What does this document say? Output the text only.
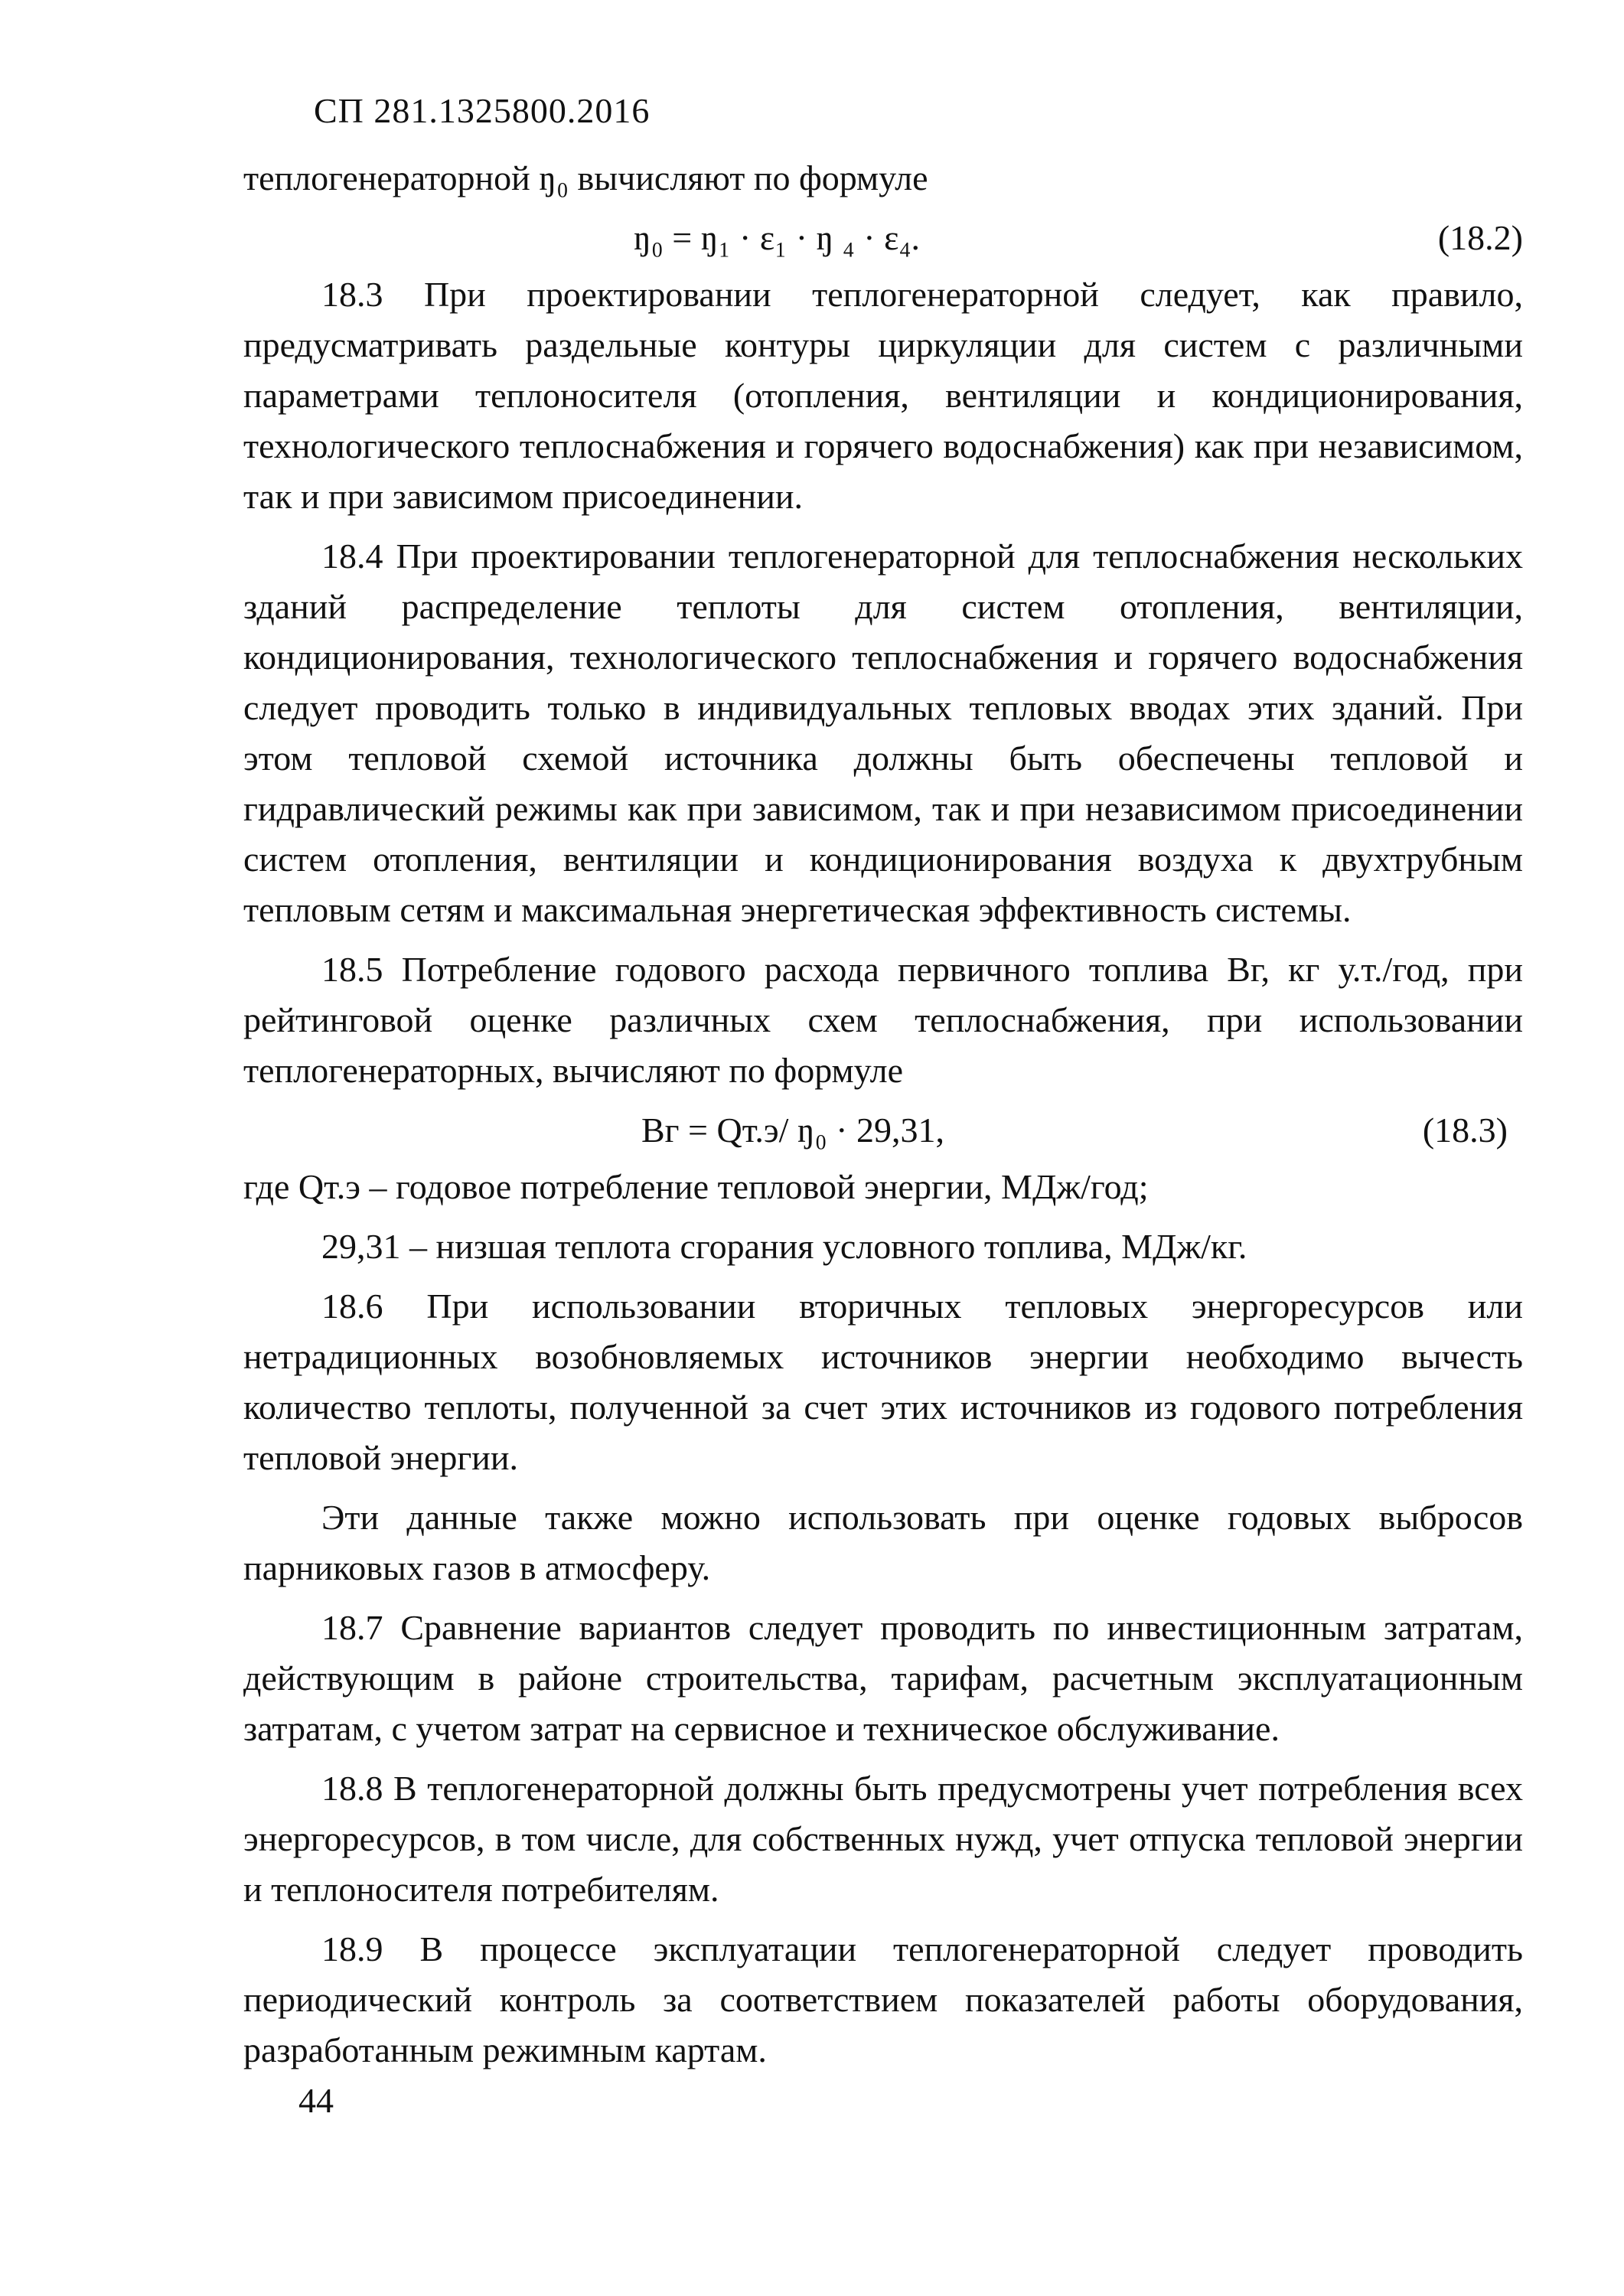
СП 281.1325800.2016

теплогенераторной ŋ₀ вычисляют по формуле

ŋ₀ = ŋ₁ · ε₁ · ŋ ₄ · ε₄.	(18.2)

18.3 При проектировании теплогенераторной следует, как правило, предусматривать раздельные контуры циркуляции для систем с различными параметрами теплоносителя (отопления, вентиляции и кондиционирования, технологического теплоснабжения и горячего водоснабжения) как при независимом, так и при зависимом присоединении.

18.4 При проектировании теплогенераторной для теплоснабжения нескольких зданий распределение теплоты для систем отопления, вентиляции, кондиционирования, технологического теплоснабжения и горячего водоснабжения следует проводить только в индивидуальных тепловых вводах этих зданий. При этом тепловой схемой источника должны быть обеспечены тепловой и гидравлический режимы как при зависимом, так и при независимом присоединении систем отопления, вентиляции и кондиционирования воздуха к двухтрубным тепловым сетям и максимальная энергетическая эффективность системы.

18.5 Потребление годового расхода первичного топлива Bг, кг у.т./год, при рейтинговой оценке различных схем теплоснабжения, при использовании теплогенераторных, вычисляют по формуле

Bг = Qт.э/ ŋ₀ · 29,31,	(18.3)

где Qт.э – годовое потребление тепловой энергии, МДж/год;

29,31 – низшая теплота сгорания условного топлива, МДж/кг.

18.6 При использовании вторичных тепловых энергоресурсов или нетрадиционных возобновляемых источников энергии необходимо вычесть количество теплоты, полученной за счет этих источников из годового потребления тепловой энергии.

Эти данные также можно использовать при оценке годовых выбросов парниковых газов в атмосферу.

18.7 Сравнение вариантов следует проводить по инвестиционным затратам, действующим в районе строительства, тарифам, расчетным эксплуатационным затратам, с учетом затрат на сервисное и техническое обслуживание.

18.8 В теплогенераторной должны быть предусмотрены учет потребления всех энергоресурсов, в том числе, для собственных нужд, учет отпуска тепловой энергии и теплоносителя потребителям.

18.9 В процессе эксплуатации теплогенераторной следует проводить периодический контроль за соответствием показателей работы оборудования, разработанным режимным картам.

44
